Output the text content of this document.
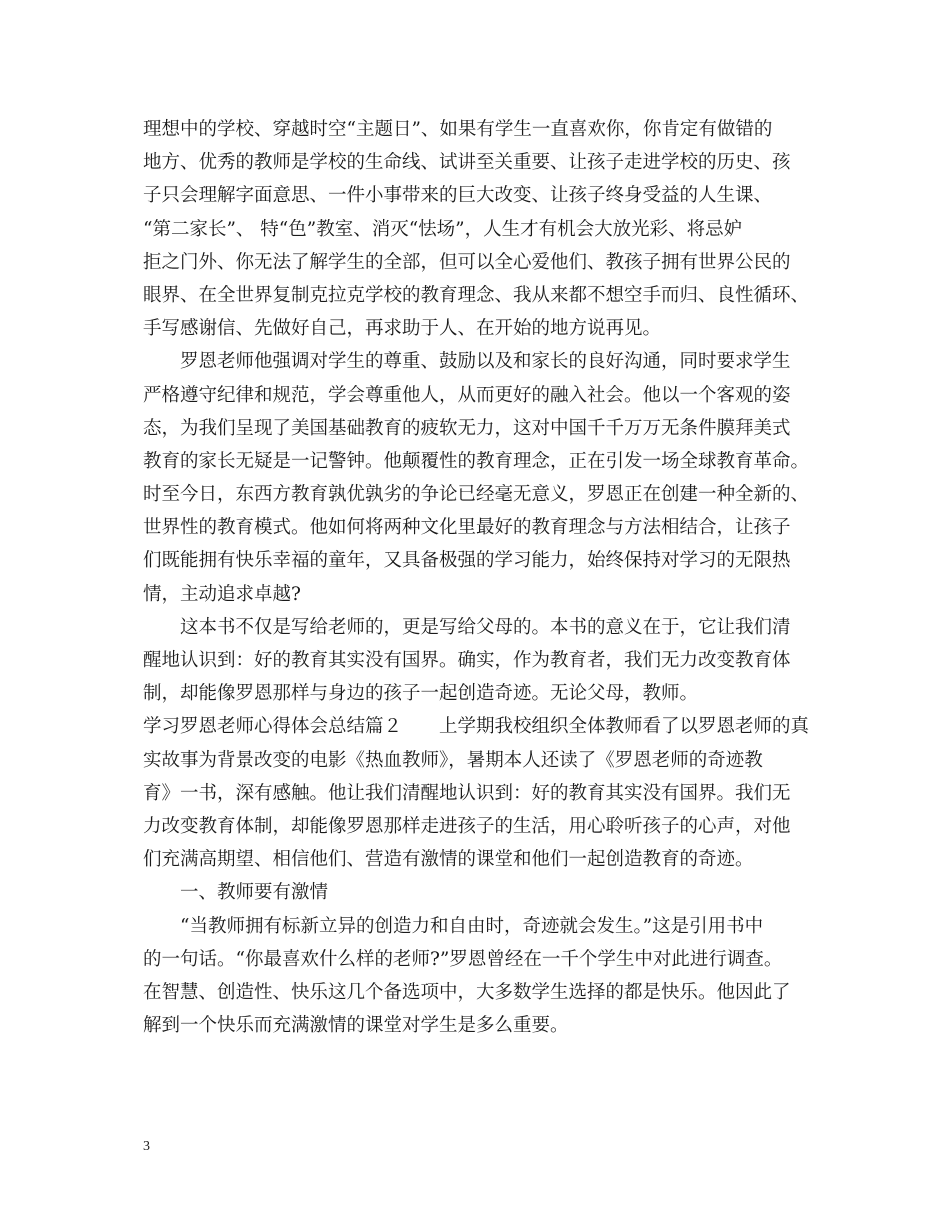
理想中的学校、穿越时空“主题日”、如果有学生一直喜欢你，你肯定有做错的
地方、优秀的教师是学校的生命线、试讲至关重要、让孩子走进学校的历史、孩
子只会理解字面意思、一件小事带来的巨大改变、让孩子终身受益的人生课、
“第二家长”、 特“色”教室、消灭“怯场”，人生才有机会大放光彩、将忌妒
拒之门外、你无法了解学生的全部，但可以全心爱他们、教孩子拥有世界公民的
眼界、在全世界复制克拉克学校的教育理念、我从来都不想空手而归、良性循环、
手写感谢信、先做好自己，再求助于人、在开始的地方说再见。
　　罗恩老师他强调对学生的尊重、鼓励以及和家长的良好沟通，同时要求学生
严格遵守纪律和规范，学会尊重他人，从而更好的融入社会。他以一个客观的姿
态，为我们呈现了美国基础教育的疲软无力，这对中国千千万万无条件膜拜美式
教育的家长无疑是一记警钟。他颠覆性的教育理念，正在引发一场全球教育革命。
时至今日，东西方教育孰优孰劣的争论已经毫无意义，罗恩正在创建一种全新的、
世界性的教育模式。他如何将两种文化里最好的教育理念与方法相结合，让孩子
们既能拥有快乐幸福的童年，又具备极强的学习能力，始终保持对学习的无限热
情，主动追求卓越?
　　这本书不仅是写给老师的，更是写给父母的。本书的意义在于，它让我们清
醒地认识到：好的教育其实没有国界。确实，作为教育者，我们无力改变教育体
制，却能像罗恩那样与身边的孩子一起创造奇迹。无论父母，教师。
学习罗恩老师心得体会总结篇２　　上学期我校组织全体教师看了以罗恩老师的真
实故事为背景改变的电影《热血教师》，暑期本人还读了《罗恩老师的奇迹教
育》一书，深有感触。他让我们清醒地认识到：好的教育其实没有国界。我们无
力改变教育体制，却能像罗恩那样走进孩子的生活，用心聆听孩子的心声，对他
们充满高期望、相信他们、营造有激情的课堂和他们一起创造教育的奇迹。
　　一、教师要有激情
　　“当教师拥有标新立异的创造力和自由时，奇迹就会发生。”这是引用书中
的一句话。“你最喜欢什么样的老师?”罗恩曾经在一千个学生中对此进行调查。
在智慧、创造性、快乐这几个备选项中，大多数学生选择的都是快乐。他因此了
解到一个快乐而充满激情的课堂对学生是多么重要。
3
